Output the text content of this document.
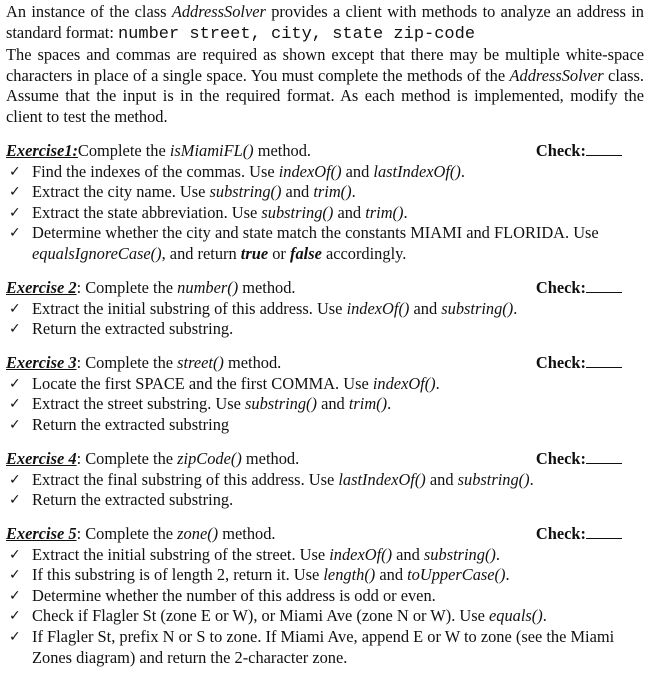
An instance of the class AddressSolver provides a client with methods to analyze an address in standard format: number street, city, state zip-code

The spaces and commas are required as shown except that there may be multiple white-space characters in place of a single space. You must complete the methods of the AddressSolver class. Assume that the input is in the required format. As each method is implemented, modify the client to test the method.

Exercise1:Complete the isMiamiFL() method.	Check:
✓ Find the indexes of the commas. Use indexOf() and lastIndexOf().
✓ Extract the city name. Use substring() and trim().
✓ Extract the state abbreviation. Use substring() and trim().
✓ Determine whether the city and state match the constants MIAMI and FLORIDA. Use equalsIgnoreCase(), and return true or false accordingly.
Exercise 2: Complete the number() method.	Check:
✓ Extract the initial substring of this address. Use indexOf() and substring().
✓ Return the extracted substring.
Exercise 3: Complete the street() method.	Check:
✓ Locate the first SPACE and the first COMMA. Use indexOf().
✓ Extract the street substring. Use substring() and trim().
✓ Return the extracted substring
Exercise 4: Complete the zipCode() method.	Check:
✓ Extract the final substring of this address. Use lastIndexOf() and substring().
✓ Return the extracted substring.
Exercise 5: Complete the zone() method.	Check:
✓ Extract the initial substring of the street. Use indexOf() and substring().
✓ If this substring is of length 2, return it. Use length() and toUpperCase().
✓ Determine whether the number of this address is odd or even.
✓ Check if Flagler St (zone E or W), or Miami Ave (zone N or W). Use equals().
✓ If Flagler St, prefix N or S to zone. If Miami Ave, append E or W to zone (see the Miami Zones diagram) and return the 2-character zone.
